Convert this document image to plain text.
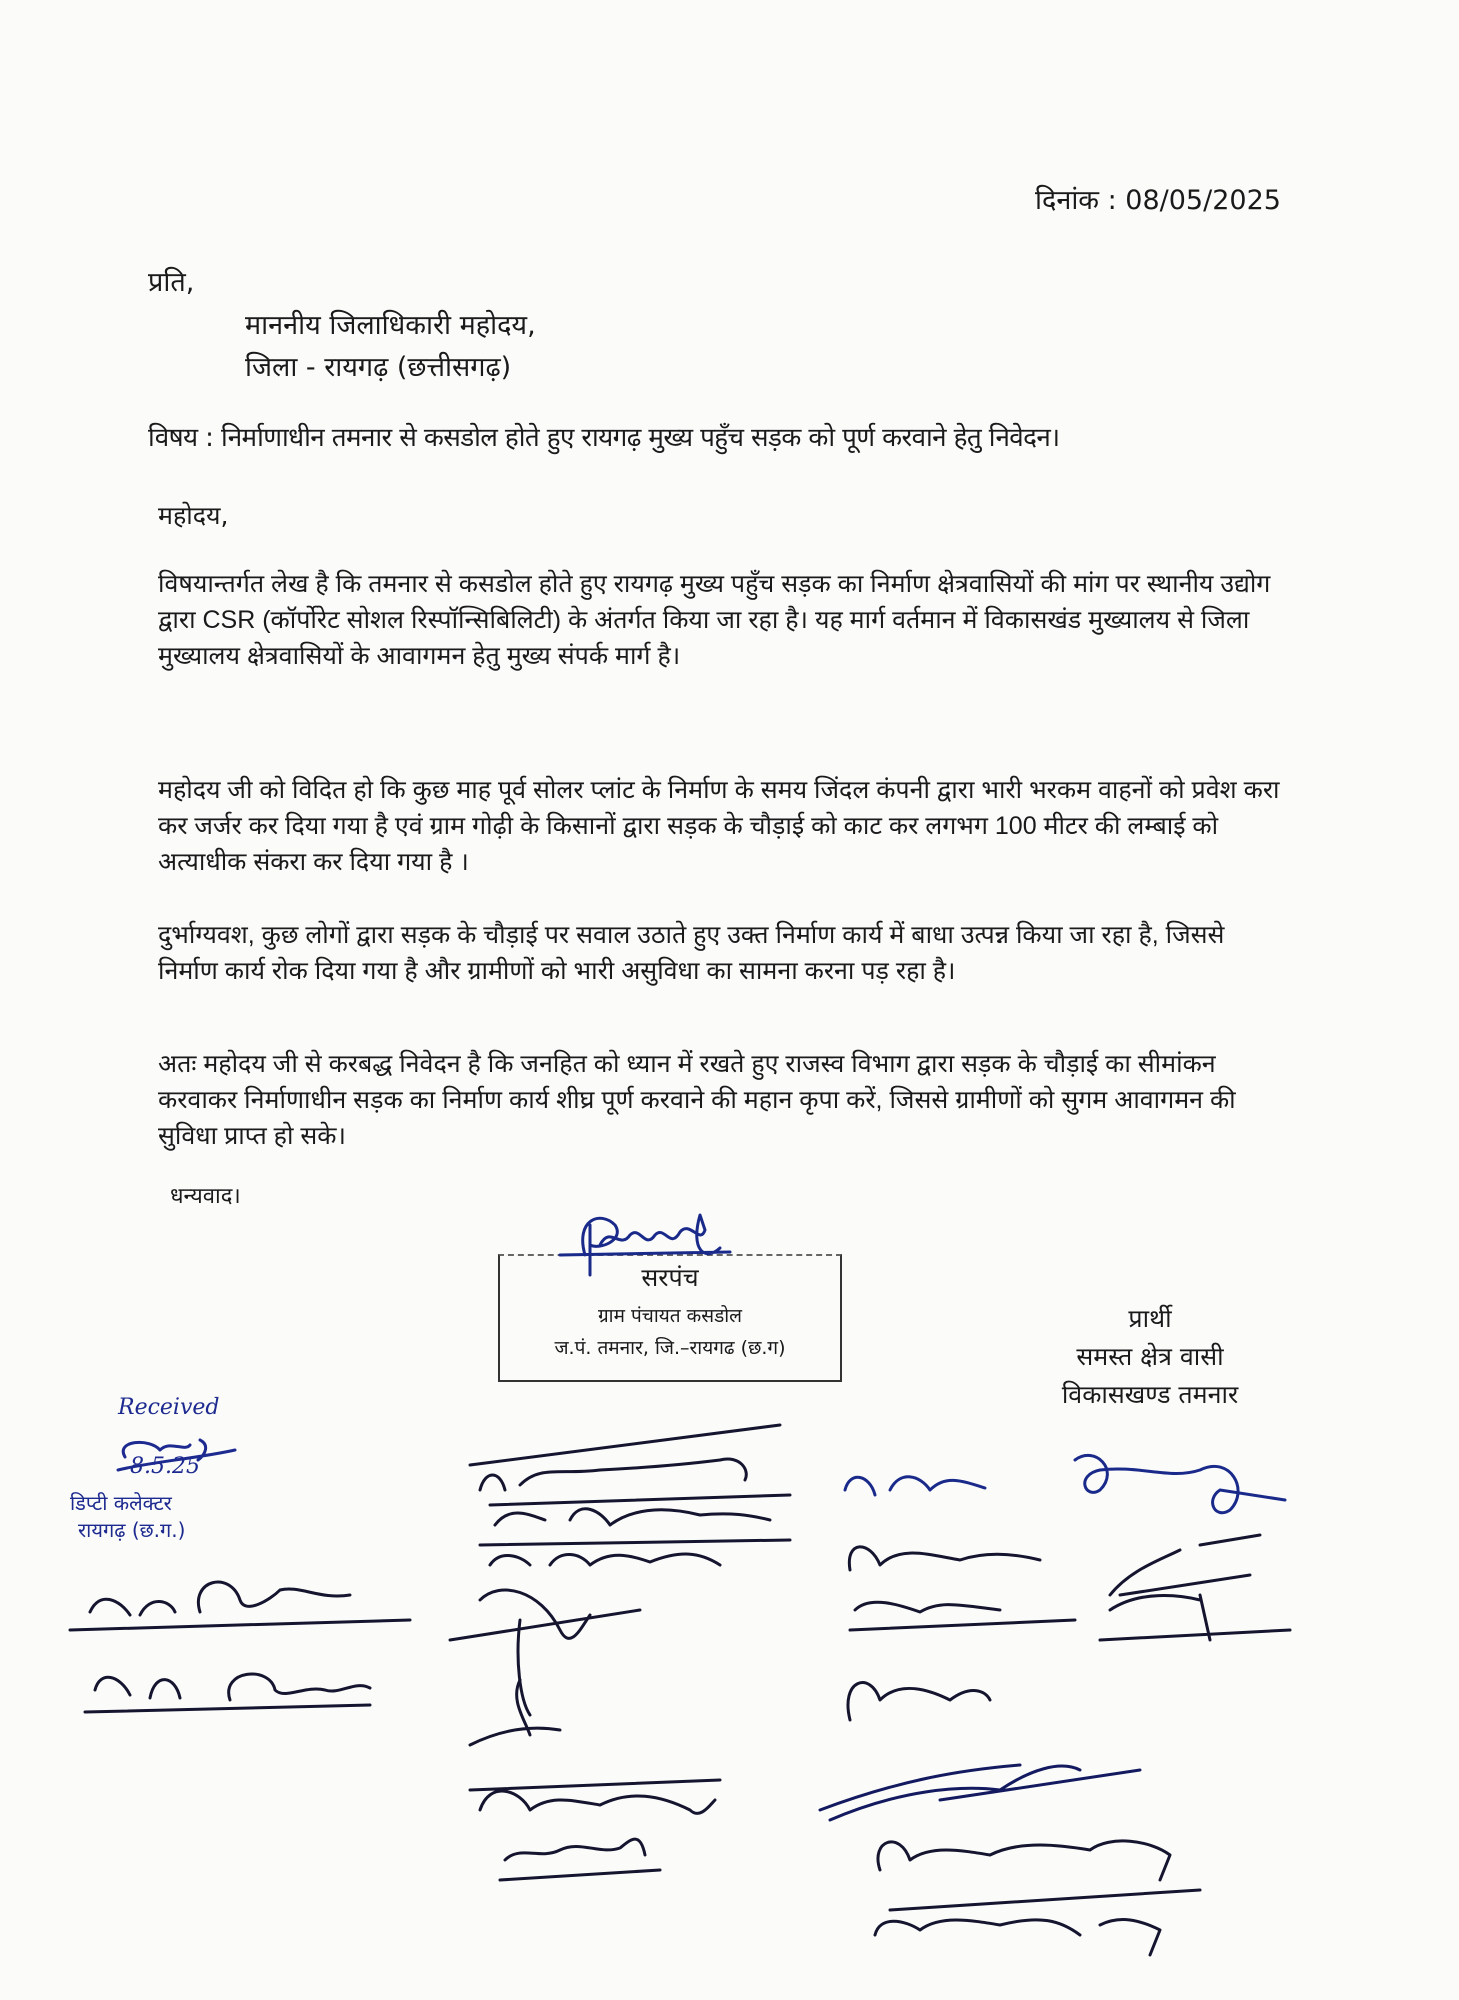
दिनांक : 08/05/2025
प्रति,
माननीय जिलाधिकारी महोदय,
जिला - रायगढ़ (छत्तीसगढ़)
विषय : निर्माणाधीन तमनार से कसडोल होते हुए रायगढ़ मुख्य पहुँच सड़क को पूर्ण करवाने हेतु निवेदन।
महोदय,
विषयान्तर्गत लेख है कि तमनार से कसडोल होते हुए रायगढ़ मुख्य पहुँच सड़क का निर्माण क्षेत्रवासियों की मांग पर स्थानीय उद्योग द्वारा CSR (कॉर्पोरेट सोशल रिस्पॉन्सिबिलिटी) के अंतर्गत किया जा रहा है। यह मार्ग वर्तमान में विकासखंड मुख्यालय से जिला मुख्यालय क्षेत्रवासियों के आवागमन हेतु मुख्य संपर्क मार्ग है।
महोदय जी को विदित हो कि कुछ माह पूर्व सोलर प्लांट के निर्माण के समय जिंदल कंपनी द्वारा भारी भरकम वाहनों को प्रवेश करा कर जर्जर कर दिया गया है एवं ग्राम गोढ़ी के किसानों द्वारा सड़क के चौड़ाई को काट कर लगभग 100 मीटर की लम्बाई को अत्याधीक संकरा कर दिया गया है ।
दुर्भाग्यवश, कुछ लोगों द्वारा सड़क के चौड़ाई पर सवाल उठाते हुए उक्त निर्माण कार्य में बाधा उत्पन्न किया जा रहा है, जिससे निर्माण कार्य रोक दिया गया है और ग्रामीणों को भारी असुविधा का सामना करना पड़ रहा है।
अतः महोदय जी से करबद्ध निवेदन है कि जनहित को ध्यान में रखते हुए राजस्व विभाग द्वारा सड़क के चौड़ाई का सीमांकन करवाकर निर्माणाधीन सड़क का निर्माण कार्य शीघ्र पूर्ण करवाने की महान कृपा करें, जिससे ग्रामीणों को सुगम आवागमन की सुविधा प्राप्त हो सके।
धन्यवाद।
सरपंच
ग्राम पंचायत कसडोल
ज.पं. तमनार, जि.–रायगढ (छ.ग)
प्रार्थी
समस्त क्षेत्र वासी
विकासखण्ड तमनार
Received
8.5.25
डिप्टी कलेक्टर
रायगढ़ (छ.ग.)
